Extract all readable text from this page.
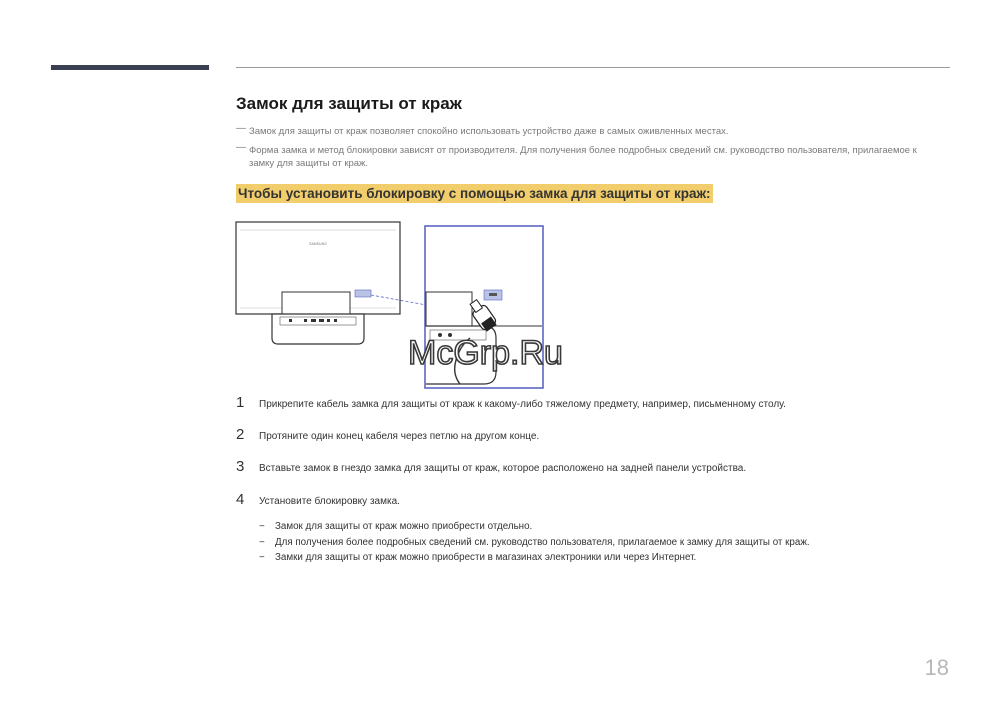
Замок для защиты от краж
― Замок для защиты от краж позволяет спокойно использовать устройство даже в самых оживленных местах.
― Форма замка и метод блокировки зависят от производителя. Для получения более подробных сведений см. руководство пользователя, прилагаемое к замку для защиты от краж.
Чтобы установить блокировку с помощью замка для защиты от краж:
SAMSUNG
McGrp.Ru
1 Прикрепите кабель замка для защиты от краж к какому-либо тяжелому предмету, например, письменному столу.
2 Протяните один конец кабеля через петлю на другом конце.
3 Вставьте замок в гнездо замка для защиты от краж, которое расположено на задней панели устройства.
4 Установите блокировку замка.
− Замок для защиты от краж можно приобрести отдельно.
− Для получения более подробных сведений см. руководство пользователя, прилагаемое к замку для защиты от краж.
− Замки для защиты от краж можно приобрести в магазинах электроники или через Интернет.
18
